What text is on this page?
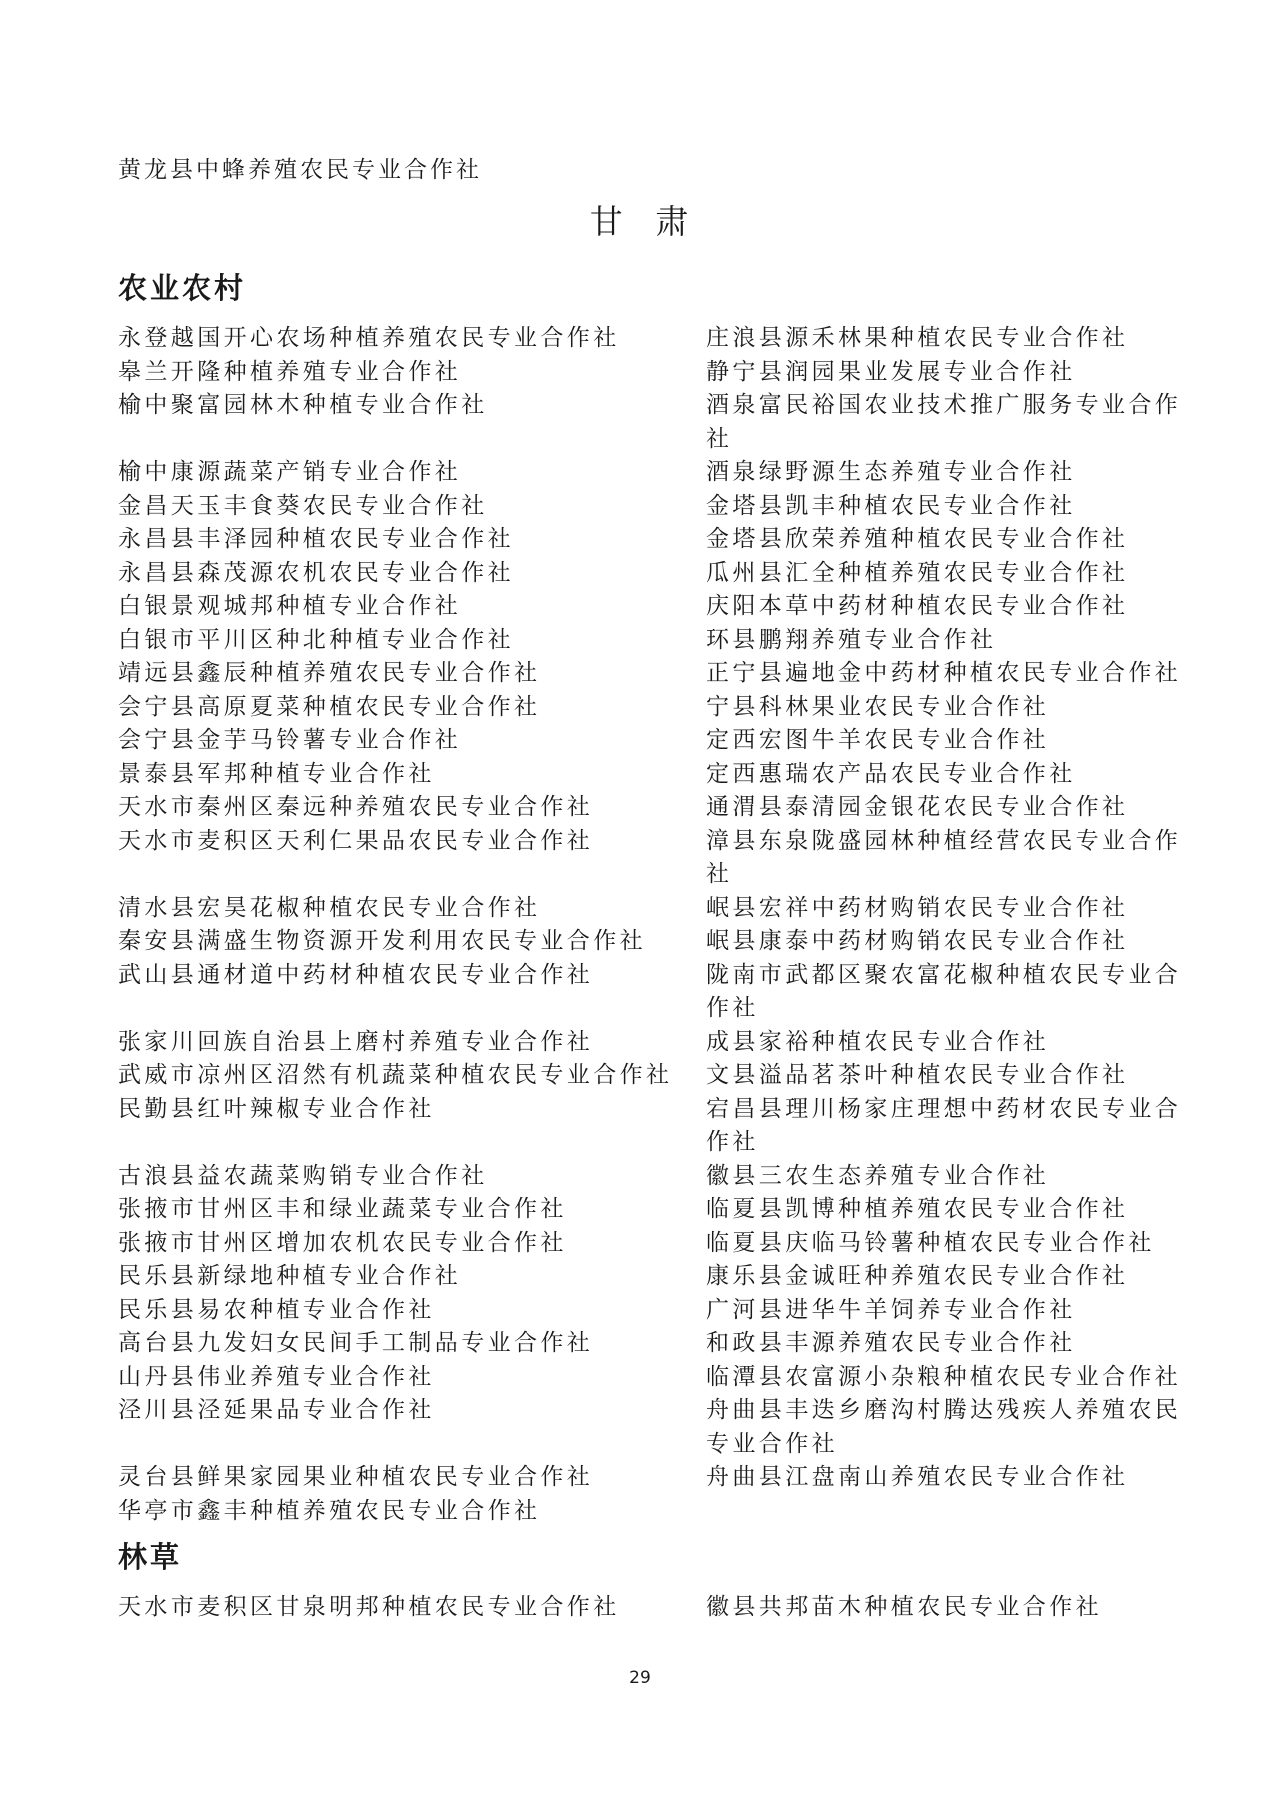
黄龙县中蜂养殖农民专业合作社
甘 肃
农业农村
永登越国开心农场种植养殖农民专业合作社
皋兰开隆种植养殖专业合作社
榆中聚富园林木种植专业合作社

榆中康源蔬菜产销专业合作社
金昌天玉丰食葵农民专业合作社
永昌县丰泽园种植农民专业合作社
永昌县森茂源农机农民专业合作社
白银景观城邦种植专业合作社
白银市平川区种北种植专业合作社
靖远县鑫辰种植养殖农民专业合作社
会宁县高原夏菜种植农民专业合作社
会宁县金芋马铃薯专业合作社
景泰县军邦种植专业合作社
天水市秦州区秦远种养殖农民专业合作社
天水市麦积区天利仁果品农民专业合作社

清水县宏昊花椒种植农民专业合作社
秦安县满盛生物资源开发利用农民专业合作社
武山县通材道中药材种植农民专业合作社

张家川回族自治县上磨村养殖专业合作社
武威市凉州区沼然有机蔬菜种植农民专业合作社
民勤县红叶辣椒专业合作社

古浪县益农蔬菜购销专业合作社
张掖市甘州区丰和绿业蔬菜专业合作社
张掖市甘州区增加农机农民专业合作社
民乐县新绿地种植专业合作社
民乐县易农种植专业合作社
高台县九发妇女民间手工制品专业合作社
山丹县伟业养殖专业合作社
泾川县泾延果品专业合作社

灵台县鲜果家园果业种植农民专业合作社
华亭市鑫丰种植养殖农民专业合作社
庄浪县源禾林果种植农民专业合作社
静宁县润园果业发展专业合作社
酒泉富民裕国农业技术推广服务专业合作社
酒泉绿野源生态养殖专业合作社
金塔县凯丰种植农民专业合作社
金塔县欣荣养殖种植农民专业合作社
瓜州县汇全种植养殖农民专业合作社
庆阳本草中药材种植农民专业合作社
环县鹏翔养殖专业合作社
正宁县遍地金中药材种植农民专业合作社
宁县科林果业农民专业合作社
定西宏图牛羊农民专业合作社
定西惠瑞农产品农民专业合作社
通渭县泰清园金银花农民专业合作社
漳县东泉陇盛园林种植经营农民专业合作社
岷县宏祥中药材购销农民专业合作社
岷县康泰中药材购销农民专业合作社
陇南市武都区聚农富花椒种植农民专业合作社
成县家裕种植农民专业合作社
文县溢品茗茶叶种植农民专业合作社
宕昌县理川杨家庄理想中药材农民专业合作社
徽县三农生态养殖专业合作社
临夏县凯博种植养殖农民专业合作社
临夏县庆临马铃薯种植农民专业合作社
康乐县金诚旺种养殖农民专业合作社
广河县进华牛羊饲养专业合作社
和政县丰源养殖农民专业合作社
临潭县农富源小杂粮种植农民专业合作社
舟曲县丰迭乡磨沟村腾达残疾人养殖农民专业合作社
舟曲县江盘南山养殖农民专业合作社
林草
天水市麦积区甘泉明邦种植农民专业合作社	徽县共邦苗木种植农民专业合作社
29
